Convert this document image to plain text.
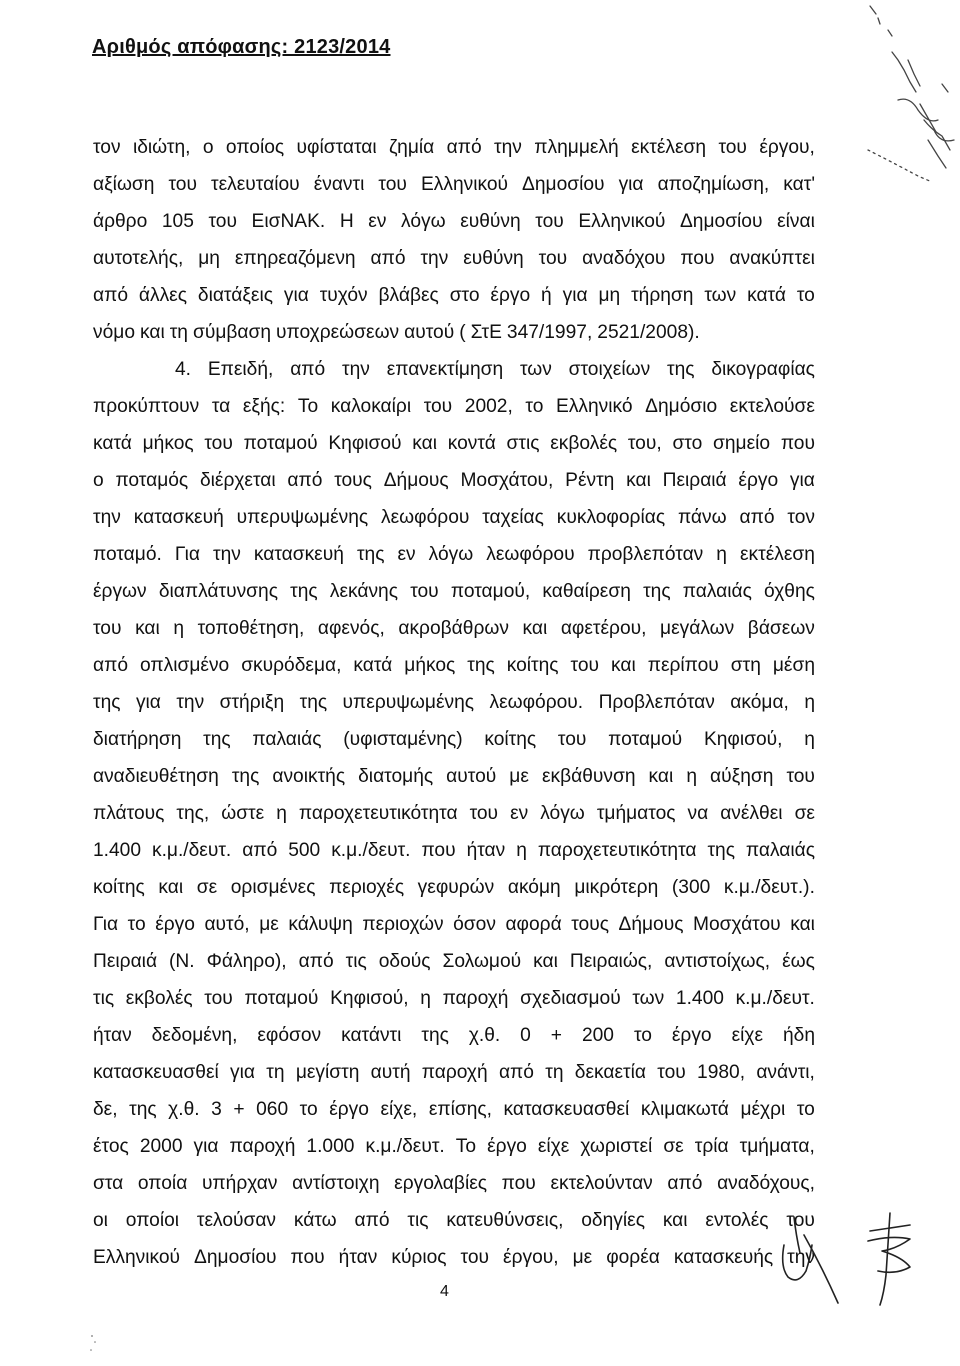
Αριθμός απόφασης: 2123/2014
τον ιδιώτη, ο οποίος υφίσταται ζημία από την πλημμελή εκτέλεση του έργου,
αξίωση του τελευταίου έναντι του Ελληνικού Δημοσίου για αποζημίωση, κατ'
άρθρο 105 του ΕισΝΑΚ. Η εν λόγω ευθύνη του Ελληνικού Δημοσίου είναι
αυτοτελής, μη επηρεαζόμενη από την ευθύνη του αναδόχου που ανακύπτει
από άλλες διατάξεις για τυχόν βλάβες στο έργο ή για μη τήρηση των κατά το
νόμο και τη σύμβαση υποχρεώσεων αυτού ( ΣτΕ 347/1997, 2521/2008).
4. Επειδή, από την επανεκτίμηση των στοιχείων της δικογραφίας
προκύπτουν τα εξής: Το καλοκαίρι του 2002, το Ελληνικό Δημόσιο εκτελούσε
κατά μήκος του ποταμού Κηφισού και κοντά στις εκβολές του, στο σημείο που
ο ποταμός διέρχεται από τους Δήμους Μοσχάτου, Ρέντη και Πειραιά έργο για
την κατασκευή υπερυψωμένης λεωφόρου ταχείας κυκλοφορίας πάνω από τον
ποταμό. Για την κατασκευή της εν λόγω λεωφόρου προβλεπόταν η εκτέλεση
έργων διαπλάτυνσης της λεκάνης του ποταμού, καθαίρεση της παλαιάς όχθης
του και η τοποθέτηση, αφενός, ακροβάθρων και αφετέρου, μεγάλων βάσεων
από οπλισμένο σκυρόδεμα, κατά μήκος της κοίτης του και περίπου στη μέση
της για την στήριξη της υπερυψωμένης λεωφόρου. Προβλεπόταν ακόμα, η
διατήρηση της παλαιάς (υφισταμένης) κοίτης του ποταμού Κηφισού, η
αναδιευθέτηση της ανοικτής διατομής αυτού με εκβάθυνση και η αύξηση του
πλάτους της, ώστε η παροχετευτικότητα του εν λόγω τμήματος να ανέλθει σε
1.400 κ.μ./δευτ. από 500 κ.μ./δευτ. που ήταν η παροχετευτικότητα της παλαιάς
κοίτης και σε ορισμένες περιοχές γεφυρών ακόμη μικρότερη (300 κ.μ./δευτ.).
Για το έργο αυτό, με κάλυψη περιοχών όσον αφορά τους Δήμους Μοσχάτου και
Πειραιά (Ν. Φάληρο), από τις οδούς Σολωμού και Πειραιώς, αντιστοίχως, έως
τις εκβολές του ποταμού Κηφισού, η παροχή σχεδιασμού των 1.400 κ.μ./δευτ.
ήταν δεδομένη, εφόσον κατάντι της χ.θ. 0 + 200 το έργο είχε ήδη
κατασκευασθεί για τη μεγίστη αυτή παροχή από τη δεκαετία του 1980, ανάντι,
δε, της χ.θ. 3 + 060 το έργο είχε, επίσης, κατασκευασθεί κλιμακωτά μέχρι το
έτος 2000 για παροχή 1.000 κ.μ./δευτ. Το έργο είχε χωριστεί σε τρία τμήματα,
στα οποία υπήρχαν αντίστοιχη εργολαβίες που εκτελούνταν από αναδόχους,
οι οποίοι τελούσαν κάτω από τις κατευθύνσεις, οδηγίες και εντολές του
Ελληνικού Δημοσίου που ήταν κύριος του έργου, με φορέα κατασκευής την
4
